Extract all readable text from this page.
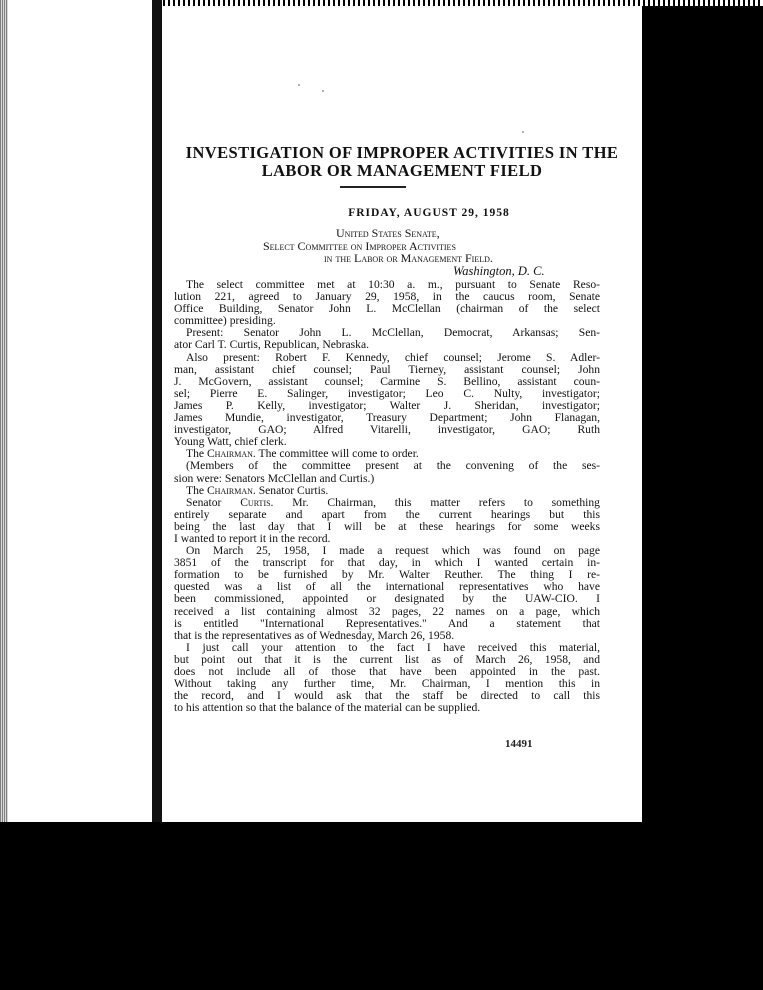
INVESTIGATION OF IMPROPER ACTIVITIES IN THE
LABOR OR MANAGEMENT FIELD
FRIDAY, AUGUST 29, 1958
United States Senate,
Select Committee on Improper Activities
in the Labor or Management Field.
Washington, D. C.
The select committee met at 10:30 a. m., pursuant to Senate Reso-
lution 221, agreed to January 29, 1958, in the caucus room, Senate
Office Building, Senator John L. McClellan (chairman of the select
committee) presiding.
Present: Senator John L. McClellan, Democrat, Arkansas; Sen-
ator Carl T. Curtis, Republican, Nebraska.
Also present: Robert F. Kennedy, chief counsel; Jerome S. Adler-
man, assistant chief counsel; Paul Tierney, assistant counsel; John
J. McGovern, assistant counsel; Carmine S. Bellino, assistant coun-
sel; Pierre E. Salinger, investigator; Leo C. Nulty, investigator;
James P. Kelly, investigator; Walter J. Sheridan, investigator;
James Mundie, investigator, Treasury Department; John Flanagan,
investigator, GAO; Alfred Vitarelli, investigator, GAO; Ruth
Young Watt, chief clerk.
The Chairman. The committee will come to order.
(Members of the committee present at the convening of the ses-
sion were: Senators McClellan and Curtis.)
The Chairman. Senator Curtis.
Senator Curtis. Mr. Chairman, this matter refers to something
entirely separate and apart from the current hearings but this
being the last day that I will be at these hearings for some weeks
I wanted to report it in the record.
On March 25, 1958, I made a request which was found on page
3851 of the transcript for that day, in which I wanted certain in-
formation to be furnished by Mr. Walter Reuther. The thing I re-
quested was a list of all the international representatives who have
been commissioned, appointed or designated by the UAW-CIO. I
received a list containing almost 32 pages, 22 names on a page, which
is entitled "International Representatives." And a statement that
that is the representatives as of Wednesday, March 26, 1958.
I just call your attention to the fact I have received this material,
but point out that it is the current list as of March 26, 1958, and
does not include all of those that have been appointed in the past.
Without taking any further time, Mr. Chairman, I mention this in
the record, and I would ask that the staff be directed to call this
to his attention so that the balance of the material can be supplied.
14491
